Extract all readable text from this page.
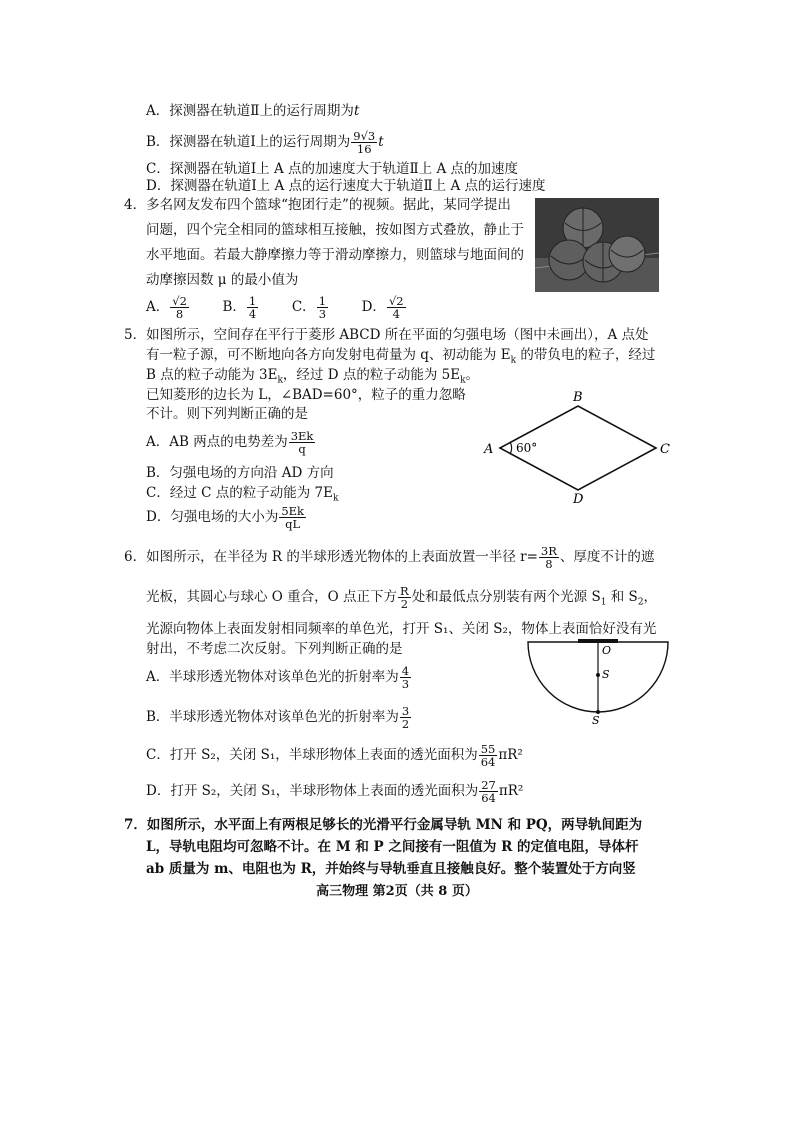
A．探测器在轨道Ⅱ上的运行周期为t
B．探测器在轨道Ⅰ上的运行周期为 $\frac{9√3}{16}$ t
C．探测器在轨道Ⅰ上 A 点的加速度大于轨道Ⅱ上 A 点的加速度
D．探测器在轨道Ⅰ上 A 点的运行速度大于轨道Ⅱ上 A 点的运行速度
4．多名网友发布四个篮球“抱团行走”的视频。据此，某同学提出
问题，四个完全相同的篮球相互接触，按如图方式叠放，静止于
水平地面。若最大静摩擦力等于滑动摩擦力，则篮球与地面间的
动摩擦因数 μ 的最小值为
A． $\frac{√2}{8}$ B． $\frac{1}{4}$ C． $\frac{1}{3}$ D． $\frac{√2}{4}$
5．如图所示，空间存在平行于菱形 ABCD 所在平面的匀强电场（图中未画出），A 点处
有一粒子源，可不断地向各方向发射电荷量为 q、初动能为 $E_k$ 的带负电的粒子，经过
B 点的粒子动能为 $3E_k$，经过 D 点的粒子动能为 $5E_k$。
已知菱形的边长为 L，∠BAD=60°，粒子的重力忽略
不计。则下列判断正确的是
A．AB 两点的电势差为 $\frac{3Ek}{q}$
B．匀强电场的方向沿 AD 方向
C．经过 C 点的粒子动能为 $7E_k$
D．匀强电场的大小为 $\frac{5Ek}{qL}$
A
B
C
D
60°
6．如图所示，在半径为 R 的半球形透光物体的上表面放置一半径 $r= \frac{3R}{8}$ 、厚度不计的遮
光板，其圆心与球心 O 重合，O 点正下方 $\frac{R}{2}$ 处和最低点分别装有两个光源 $S_1$ 和 $S_2$，
光源向物体上表面发射相同频率的单色光，打开 S₁、关闭 S₂，物体上表面恰好没有光
射出，不考虑二次反射。下列判断正确的是
A．半球形透光物体对该单色光的折射率为 $\frac{4}{3}$
B．半球形透光物体对该单色光的折射率为 $\frac{3}{2}$
C．打开 S₂，关闭 S₁，半球形物体上表面的透光面积为 $\frac{55}{64} \pi R^2$
D．打开 S₂，关闭 S₁，半球形物体上表面的透光面积为 $\frac{27}{64} \pi R^2$
O
S
S
7．如图所示，水平面上有两根足够长的光滑平行金属导轨 MN 和 PQ，两导轨间距为
L，导轨电阻均可忽略不计。在 M 和 P 之间接有一阻值为 R 的定值电阻，导体杆
ab 质量为 m、电阻也为 R，并始终与导轨垂直且接触良好。整个装置处于方向竖
高三物理 第2页（共 8 页）
